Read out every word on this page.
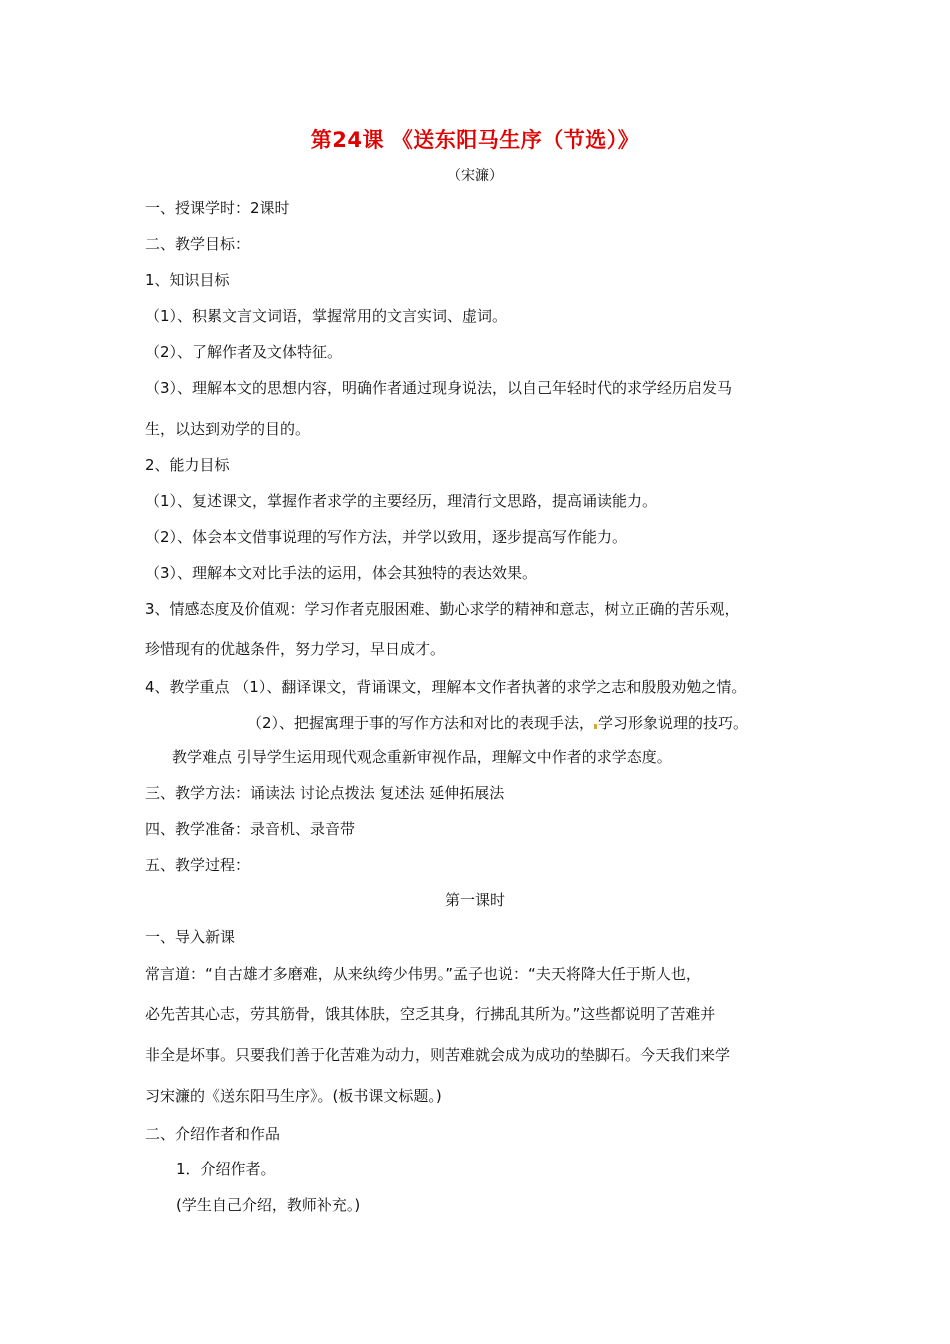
第24课 《送东阳马生序（节选）》
（宋濂）
一、授课学时：2课时
二、教学目标：
1、知识目标
（1）、积累文言文词语，掌握常用的文言实词、虚词。
（2）、了解作者及文体特征。
（3）、理解本文的思想内容，明确作者通过现身说法，以自己年轻时代的求学经历启发马
生，以达到劝学的目的。
2、能力目标
（1）、复述课文，掌握作者求学的主要经历，理清行文思路，提高诵读能力。
（2）、体会本文借事说理的写作方法，并学以致用，逐步提高写作能力。
（3）、理解本文对比手法的运用，体会其独特的表达效果。
3、情感态度及价值观：学习作者克服困难、勤心求学的精神和意志，树立正确的苦乐观，
珍惜现有的优越条件，努力学习，早日成才。
4、教学重点 （1）、翻译课文，背诵课文，理解本文作者执著的求学之志和殷殷劝勉之情。
（2）、把握寓理于事的写作方法和对比的表现手法， 学习形象说理的技巧。
教学难点 引导学生运用现代观念重新审视作品，理解文中作者的求学态度。
三、教学方法：诵读法 讨论点拨法 复述法 延伸拓展法
四、教学准备：录音机、录音带
五、教学过程：
第一课时
一、导入新课
常言道：“自古雄才多磨难，从来纨绔少伟男。”孟子也说：“夫天将降大任于斯人也，
必先苦其心志，劳其筋骨，饿其体肤，空乏其身，行拂乱其所为。”这些都说明了苦难并
非全是坏事。只要我们善于化苦难为动力，则苦难就会成为成功的垫脚石。今天我们来学
习宋濂的《送东阳马生序》。(板书课文标题。)
二、介绍作者和作品
1．介绍作者。
(学生自己介绍，教师补充。)
